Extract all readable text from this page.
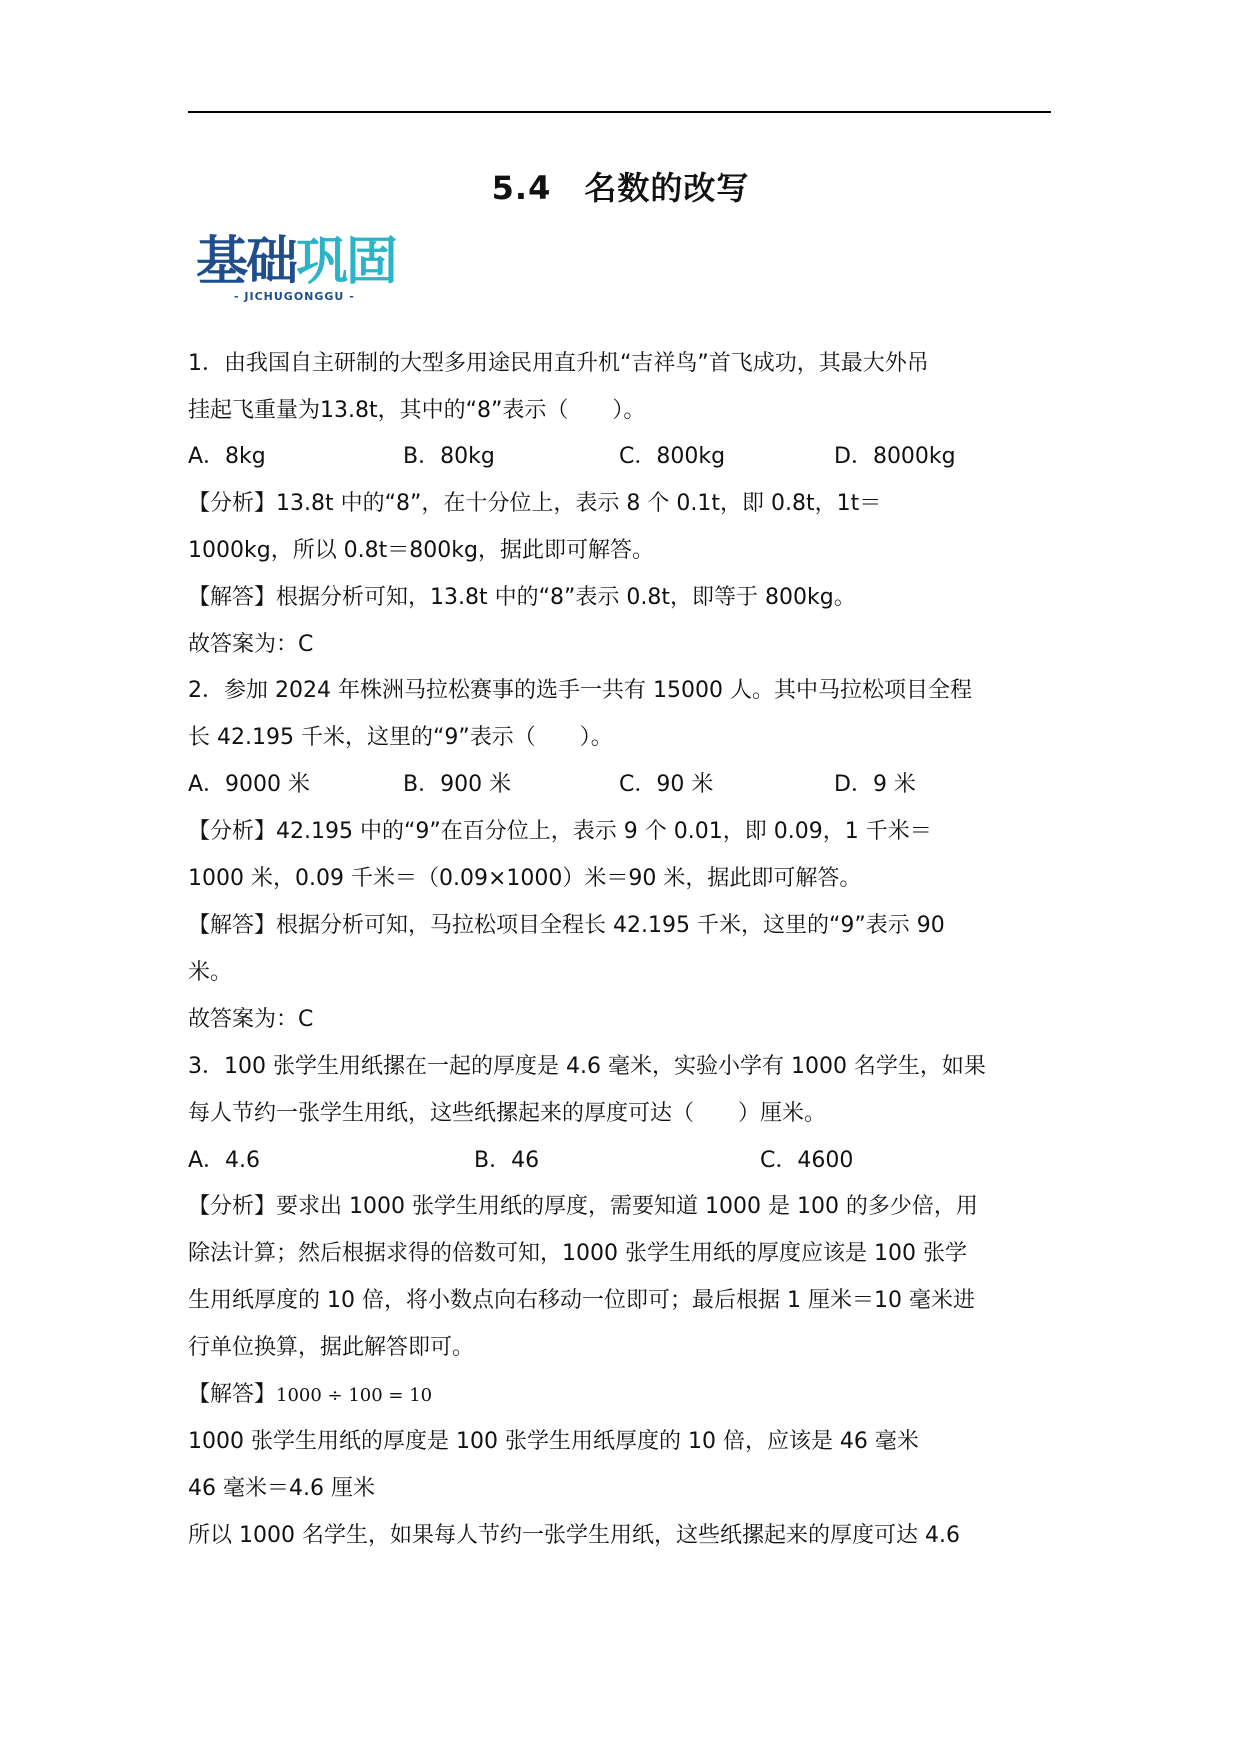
5.4　名数的改写
基础巩固
- JICHUGONGGU -
1．由我国自主研制的大型多用途民用直升机“吉祥鸟”首飞成功，其最大外吊
挂起飞重量为13.8t，其中的“8”表示（　　）。
A．8kg	B．80kg	C．800kg	D．8000kg
【分析】13.8t 中的“8”，在十分位上，表示 8 个 0.1t，即 0.8t，1t＝
1000kg，所以 0.8t＝800kg，据此即可解答。
【解答】根据分析可知，13.8t 中的“8”表示 0.8t，即等于 800kg。
故答案为：C
2．参加 2024 年株洲马拉松赛事的选手一共有 15000 人。其中马拉松项目全程
长 42.195 千米，这里的“9”表示（　　）。
A．9000 米	B．900 米	C．90 米	D．9 米
【分析】42.195 中的“9”在百分位上，表示 9 个 0.01，即 0.09，1 千米＝
1000 米，0.09 千米＝（0.09×1000）米＝90 米，据此即可解答。
【解答】根据分析可知，马拉松项目全程长 42.195 千米，这里的“9”表示 90
米。
故答案为：C
3．100 张学生用纸摞在一起的厚度是 4.6 毫米，实验小学有 1000 名学生，如果
每人节约一张学生用纸，这些纸摞起来的厚度可达（　　）厘米。
A．4.6	B．46	C．4600
【分析】要求出 1000 张学生用纸的厚度，需要知道 1000 是 100 的多少倍，用
除法计算；然后根据求得的倍数可知，1000 张学生用纸的厚度应该是 100 张学
生用纸厚度的 10 倍，将小数点向右移动一位即可；最后根据 1 厘米＝10 毫米进
行单位换算，据此解答即可。
【解答】1000 ÷ 100 = 10
1000 张学生用纸的厚度是 100 张学生用纸厚度的 10 倍，应该是 46 毫米
46 毫米＝4.6 厘米
所以 1000 名学生，如果每人节约一张学生用纸，这些纸摞起来的厚度可达 4.6
